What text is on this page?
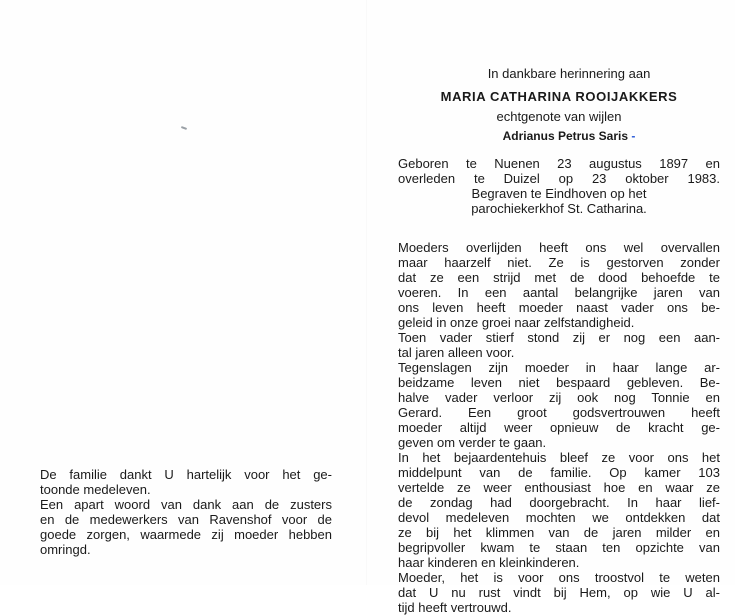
De familie dankt U hartelijk voor het ge-
toonde medeleven.
Een apart woord van dank aan de zusters
en de medewerkers van Ravenshof voor de
goede zorgen, waarmede zij moeder hebben
omringd.
In dankbare herinnering aan
MARIA CATHARINA ROOIJAKKERS
echtgenote van wijlen
Adrianus Petrus Saris -
Geboren te Nuenen 23 augustus 1897 en
overleden te Duizel op 23 oktober 1983.
Begraven te Eindhoven op het
parochiekerkhof St. Catharina.
Moeders overlijden heeft ons wel overvallen
maar haarzelf niet. Ze is gestorven zonder
dat ze een strijd met de dood behoefde te
voeren. In een aantal belangrijke jaren van
ons leven heeft moeder naast vader ons be-
geleid in onze groei naar zelfstandigheid.
Toen vader stierf stond zij er nog een aan-
tal jaren alleen voor.
Tegenslagen zijn moeder in haar lange ar-
beidzame leven niet bespaard gebleven. Be-
halve vader verloor zij ook nog Tonnie en
Gerard. Een groot godsvertrouwen heeft
moeder altijd weer opnieuw de kracht ge-
geven om verder te gaan.
In het bejaardentehuis bleef ze voor ons het
middelpunt van de familie. Op kamer 103
vertelde ze weer enthousiast hoe en waar ze
de zondag had doorgebracht. In haar lief-
devol medeleven mochten we ontdekken dat
ze bij het klimmen van de jaren milder en
begripvoller kwam te staan ten opzichte van
haar kinderen en kleinkinderen.
Moeder, het is voor ons troostvol te weten
dat U nu rust vindt bij Hem, op wie U al-
tijd heeft vertrouwd.
